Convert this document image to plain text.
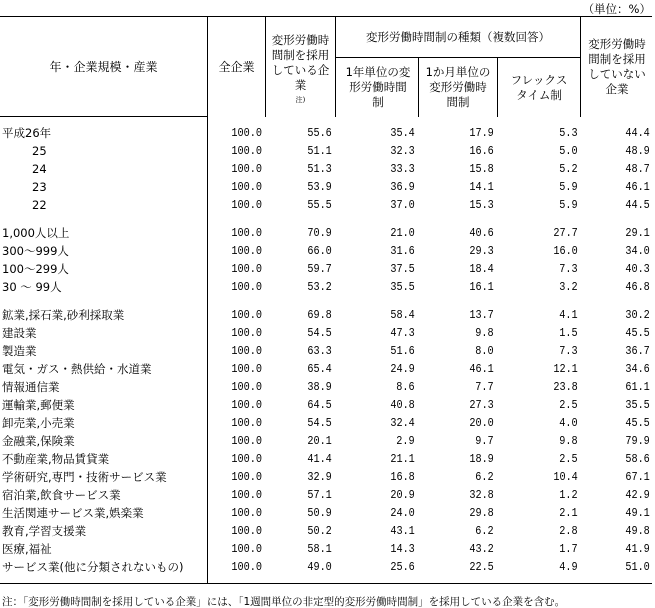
（単位：%）
年・企業規模・産業	全企業
変形労働時間制を採用している企業
注)
変形労働時間制の種類（複数回答）
1年単位の変形労働時間制
1か月単位の変形労働時間制
フレックスタイム制
変形労働時間制を採用していない企業
平成26年	100.0	55.6	35.4	17.9	5.3	44.4
25	100.0	51.1	32.3	16.6	5.0	48.9
24	100.0	51.3	33.3	15.8	5.2	48.7
23	100.0	53.9	36.9	14.1	5.9	46.1
22	100.0	55.5	37.0	15.3	5.9	44.5
1,000人以上	100.0	70.9	21.0	40.6	27.7	29.1
300～999人	100.0	66.0	31.6	29.3	16.0	34.0
100～299人	100.0	59.7	37.5	18.4	7.3	40.3
30 ～ 99人	100.0	53.2	35.5	16.1	3.2	46.8
鉱業,採石業,砂利採取業	100.0	69.8	58.4	13.7	4.1	30.2
建設業	100.0	54.5	47.3	9.8	1.5	45.5
製造業	100.0	63.3	51.6	8.0	7.3	36.7
電気・ガス・熱供給・水道業	100.0	65.4	24.9	46.1	12.1	34.6
情報通信業	100.0	38.9	8.6	7.7	23.8	61.1
運輸業,郵便業	100.0	64.5	40.8	27.3	2.5	35.5
卸売業,小売業	100.0	54.5	32.4	20.0	4.0	45.5
金融業,保険業	100.0	20.1	2.9	9.7	9.8	79.9
不動産業,物品賃貸業	100.0	41.4	21.1	18.9	2.5	58.6
学術研究,専門・技術サービス業	100.0	32.9	16.8	6.2	10.4	67.1
宿泊業,飲食サービス業	100.0	57.1	20.9	32.8	1.2	42.9
生活関連サービス業,娯楽業	100.0	50.9	24.0	29.8	2.1	49.1
教育,学習支援業	100.0	50.2	43.1	6.2	2.8	49.8
医療,福祉	100.0	58.1	14.3	43.2	1.7	41.9
サービス業(他に分類されないもの)	100.0	49.0	25.6	22.5	4.9	51.0
注：「変形労働時間制を採用している企業」には、「1週間単位の非定型的変形労働時間制」を採用している企業を含む。
